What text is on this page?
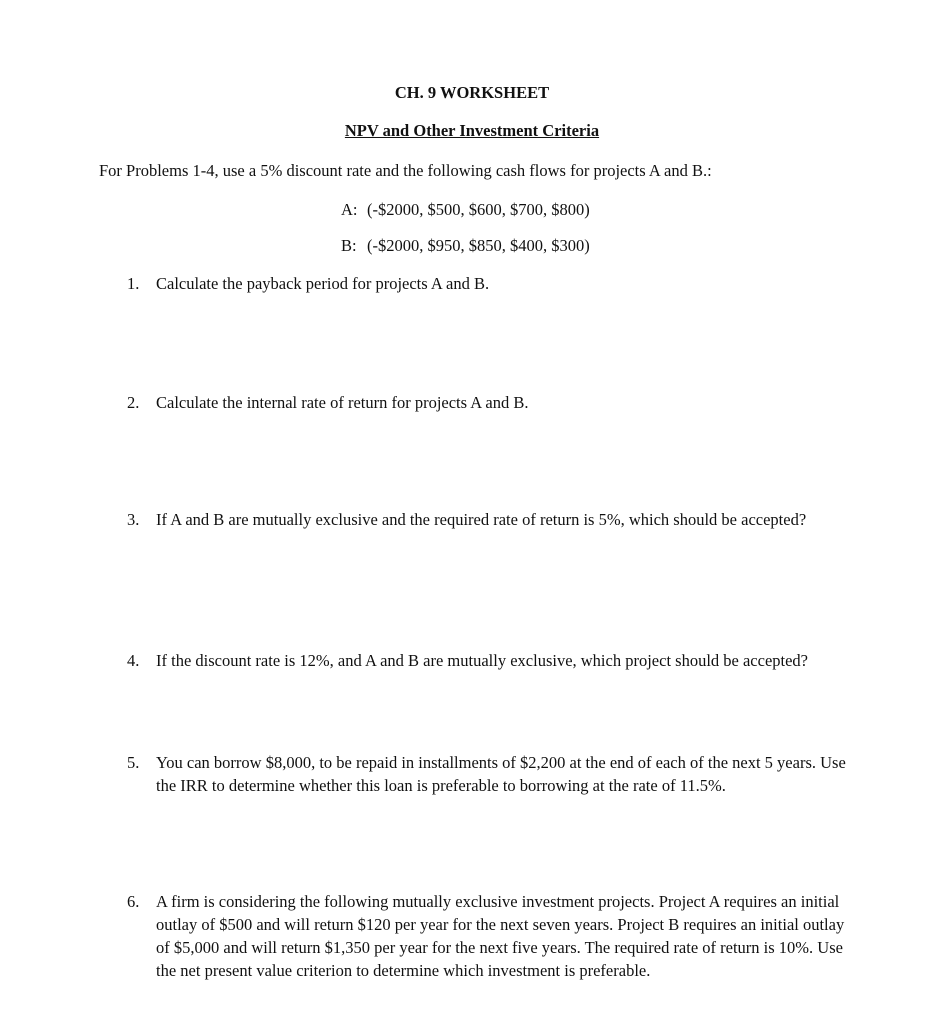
CH. 9 WORKSHEET
NPV and Other Investment Criteria
For Problems 1-4, use a 5% discount rate and the following cash flows for projects A and B.:
A: (-$2000, $500, $600, $700, $800)
B: (-$2000, $950, $850, $400, $300)
1.	Calculate the payback period for projects A and B.
2.	Calculate the internal rate of return for projects A and B.
3.	If A and B are mutually exclusive and the required rate of return is 5%, which should be accepted?
4.	If the discount rate is 12%, and A and B are mutually exclusive, which project should be accepted?
5.	You can borrow $8,000, to be repaid in installments of $2,200 at the end of each of the next 5 years. Use the IRR to determine whether this loan is preferable to borrowing at the rate of 11.5%.
6.	A firm is considering the following mutually exclusive investment projects. Project A requires an initial outlay of $500 and will return $120 per year for the next seven years. Project B requires an initial outlay of $5,000 and will return $1,350 per year for the next five years. The required rate of return is 10%. Use the net present value criterion to determine which investment is preferable.
